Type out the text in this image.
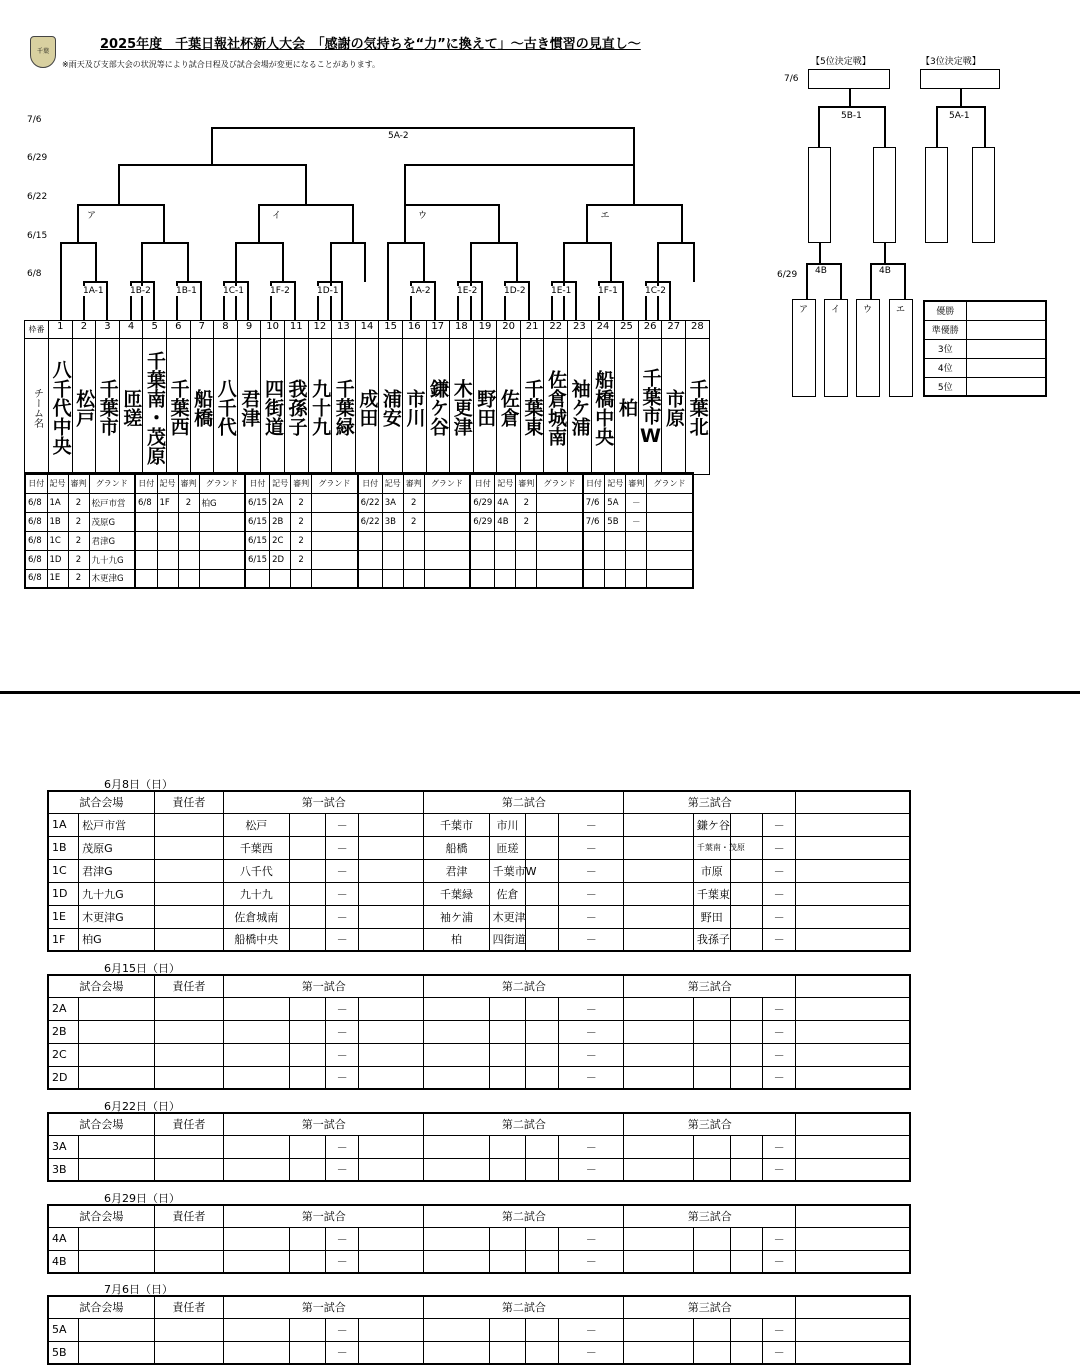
千葉	2025年度　千葉日報社杯新人大会　「感謝の気持ちを“力”に換えて」～古き慣習の見直し～
※雨天及び支部大会の状況等により試合日程及び試合会場が変更になることがあります。
7/6
6/29
6/22
6/15
6/8
5A-2
ア	イ	ウ	エ
1A-1	1B-2	1B-1	1C-1	1F-2	1D-1	1A-2	1E-2	1D-2	1E-1	1F-1	1C-2
枠番	1	2	3	4	5	6	7	8	9	10	11	12	13	14	15	16	17	18	19	20	21	22	23	24	25	26	27	28
チーム名	八千代中央	松戸	千葉市	匝瑳	千葉南・茂原	千葉西	船橋	八千代	君津	四街道	我孫子	九十九	千葉緑	成田	浦安	市川	鎌ケ谷	木更津	野田	佐倉	千葉東	佐倉城南	袖ケ浦	船橋中央	柏	千葉市W	市原	千葉北
日付	記号	審判	グランド	日付	記号	審判	グランド	日付	記号	審判	グランド	日付	記号	審判	グランド	日付	記号	審判	グランド	日付	記号	審判	グランド
6/8	1A	2	松戸市営	6/8	1F	2	柏G	6/15	2A	2		6/22	3A	2		6/29	4A	2		7/6	5A	－	
6/8	1B	2	茂原G					6/15	2B	2		6/22	3B	2		6/29	4B	2		7/6	5B	－	
6/8	1C	2	君津G					6/15	2C	2													
6/8	1D	2	九十九G					6/15	2D	2													
6/8	1E	2	木更津G																				
【5位決定戦】	【3位決定戦】
7/6
6/29
5B-1	5A-1
4B	4B
ア	イ	ウ	エ	優勝	
準優勝	
3位	
4位	
5位	
6月8日（日）
試合会場		責任者	第一試合				第二試合				第三試合				
1A	松戸市営		松戸		－		千葉市	市川		－		鎌ケ谷		－	
1B	茂原G		千葉西		－		船橋	匝瑳		－		千葉南・茂原		－	
1C	君津G		八千代		－		君津	千葉市W		－		市原		－	
1D	九十九G		九十九		－		千葉緑	佐倉		－		千葉東		－	
1E	木更津G		佐倉城南		－		袖ケ浦	木更津		－		野田		－	
1F	柏G		船橋中央		－		柏	四街道		－		我孫子		－	
6月15日（日）
試合会場		責任者	第一試合				第二試合				第三試合				
2A					－					－				－	
2B					－					－				－	
2C					－					－				－	
2D					－					－				－	
6月22日（日）
試合会場		責任者	第一試合				第二試合				第三試合				
3A					－					－				－	
3B					－					－				－	
6月29日（日）
試合会場		責任者	第一試合				第二試合				第三試合				
4A					－					－				－	
4B					－					－				－	
7月6日（日）
試合会場		責任者	第一試合				第二試合				第三試合				
5A					－					－				－	
5B					－					－				－	
